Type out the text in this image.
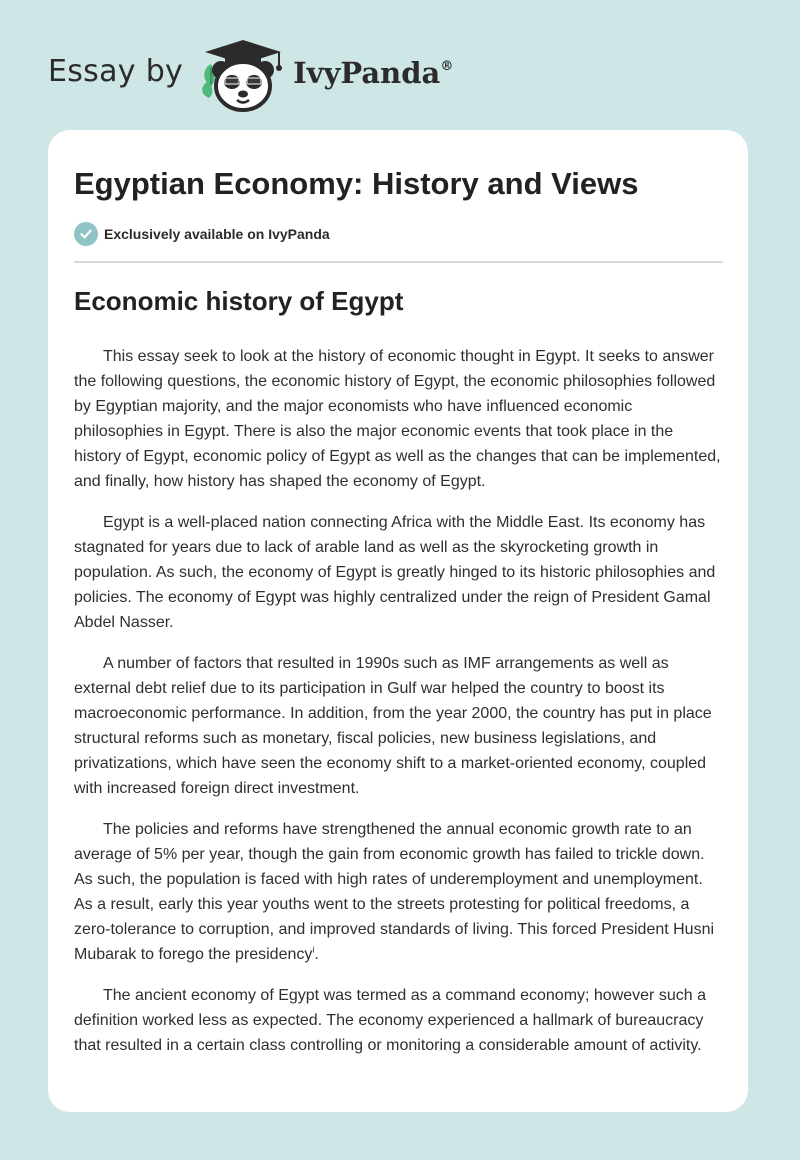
Essay by	IvyPanda®
Egyptian Economy: History and Views
Exclusively available on IvyPanda
Economic history of Egypt

This essay seek to look at the history of economic thought in Egypt. It seeks to answer the following questions, the economic history of Egypt, the economic philosophies followed by Egyptian majority, and the major economists who have influenced economic philosophies in Egypt. There is also the major economic events that took place in the history of Egypt, economic policy of Egypt as well as the changes that can be implemented, and finally, how history has shaped the economy of Egypt.

Egypt is a well-placed nation connecting Africa with the Middle East. Its economy has stagnated for years due to lack of arable land as well as the skyrocketing growth in population. As such, the economy of Egypt is greatly hinged to its historic philosophies and policies. The economy of Egypt was highly centralized under the reign of President Gamal Abdel Nasser.

A number of factors that resulted in 1990s such as IMF arrangements as well as external debt relief due to its participation in Gulf war helped the country to boost its macroeconomic performance. In addition, from the year 2000, the country has put in place structural reforms such as monetary, fiscal policies, new business legislations, and privatizations, which have seen the economy shift to a market-oriented economy, coupled with increased foreign direct investment.

The policies and reforms have strengthened the annual economic growth rate to an average of 5% per year, though the gain from economic growth has failed to trickle down. As such, the population is faced with high rates of underemployment and unemployment. As a result, early this year youths went to the streets protesting for political freedoms, a zero-tolerance to corruption, and improved standards of living. This forced President Husni Mubarak to forego the presidency$^i$.

The ancient economy of Egypt was termed as a command economy; however such a definition worked less as expected. The economy experienced a hallmark of bureaucracy that resulted in a certain class controlling or monitoring a considerable amount of activity.
